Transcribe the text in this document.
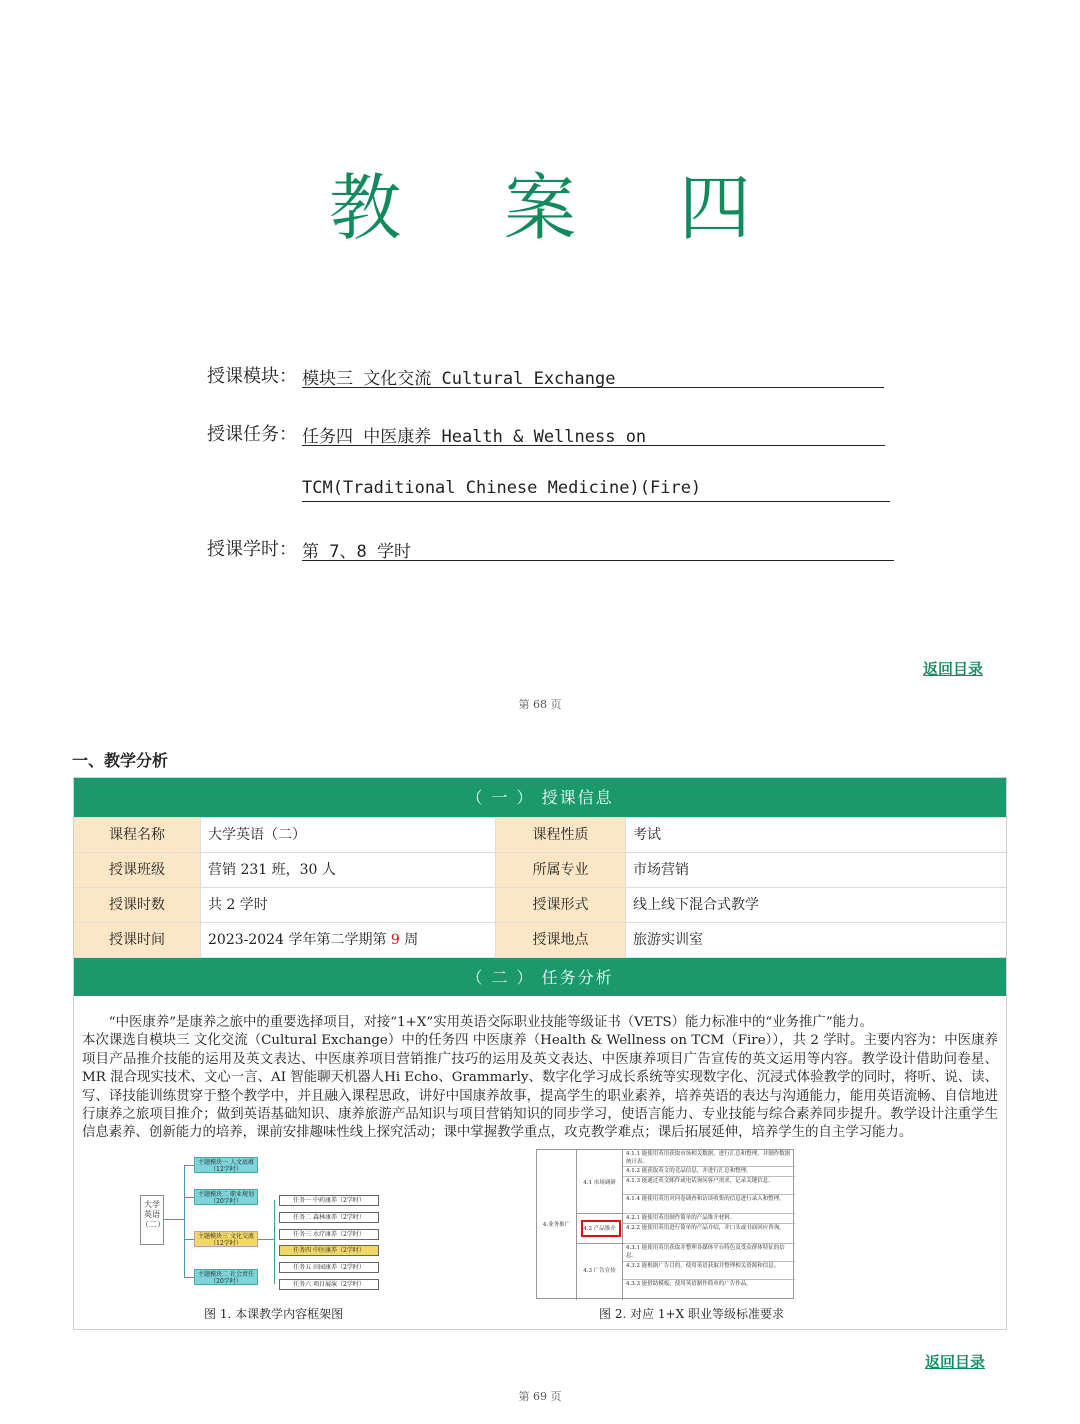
教 案 四
授课模块： 模块三 文化交流 Cultural Exchange
授课任务： 任务四 中医康养 Health & Wellness on
TCM(Traditional Chinese Medicine)(Fire)
授课学时： 第 7、8 学时
返回目录
第 68 页
一、教学分析
（ 一 ） 授课信息
课程名称	大学英语（二）	课程性质	考试
授课班级	营销 231 班，30 人	所属专业	市场营销
授课时数	共 2 学时	授课形式	线上线下混合式教学
授课时间	2023-2024 学年第二学期第 9 周	授课地点	旅游实训室
（ 二 ） 任务分析

“中医康养”是康养之旅中的重要选择项目，对接“1+X”实用英语交际职业技能等级证书（VETS）能力标准中的“业务推广”能力。

本次课选自模块三 文化交流（Cultural Exchange）中的任务四 中医康养（Health & Wellness on TCM（Fire）），共 2 学时。主要内容为：中医康养项目产品推介技能的运用及英文表达、中医康养项目营销推广技巧的运用及英文表达、中医康养项目广告宣传的英文运用等内容。教学设计借助问卷星、MR 混合现实技术、文心一言、AI 智能聊天机器人Hi Echo、Grammarly、数字化学习成长系统等实现数字化、沉浸式体验教学的同时，将听、说、读、写、译技能训练贯穿于整个教学中，并且融入课程思政，讲好中国康养故事，提高学生的职业素养，培养英语的表达与沟通能力，能用英语流畅、自信地进行康养之旅项目推介；做到英语基础知识、康养旅游产品知识与项目营销知识的同步学习，使语言能力、专业技能与综合素养同步提升。教学设计注重学生信息素养、创新能力的培养，课前安排趣味性线上探究活动；课中掌握教学重点，攻克教学难点；课后拓展延伸，培养学生的自主学习能力。

大学英语（二）
主题模块一 人文底蕴（12学时）
主题模块二 职业规划（20学时）
主题模块三 文化交流（12学时）
主题模块二 社会责任（20学时）
任务一 中药康养（2学时）
任务二 森林康养（2学时）
任务三 水疗康养（2学时）
任务四 中医康养（2学时）
任务五 田园康养（2学时）
任务六 项目展演（2学时）
图 1. 本课教学内容框架图
4.业务推广
4.1 市场调研
4.2 产品推介
4.3 广告宣传
4.1.1 能使用英语获取市场相关数据，进行汇总和整理，并制作数据统计表。
4.1.2 能获取英文的竞品信息，并进行汇总和整理。
4.1.3 能通过英文邮件或电话询问客户需求，记录关键信息。
4.1.4 能使用英语对问卷调查和访谈收集的信息进行录入和整理。
4.2.1 能使用英语制作简单的产品推介材料。
4.2.2 能使用英语进行简单的产品介绍，并口头或书面回应咨询。
4.3.1 能使用英语获取并整理各媒体平台特色及受众群体特征的信息。
4.3.2 能根据广告目的，使用英语获取并整理相关资源和信息。
4.3.3 能借助模板，使用英语制作简单的广告作品。
图 2. 对应 1+X 职业等级标准要求
返回目录
第 69 页
